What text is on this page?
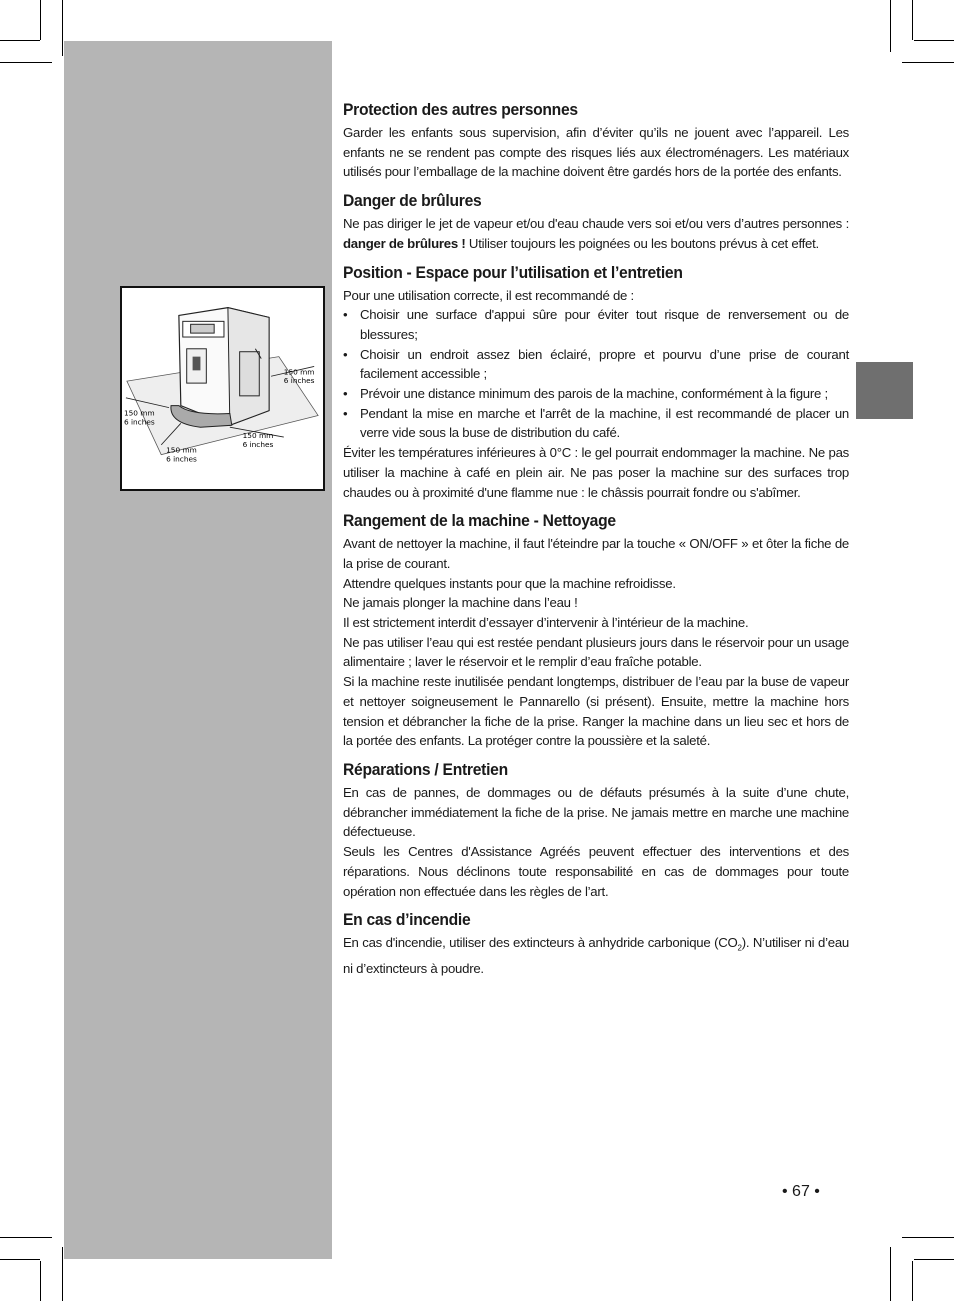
150 mm
6 inches
150 mm
6 inches
150 mm
6 inches
150 mm
6 inches
Protection des autres personnes

Garder les enfants sous supervision, afin d’éviter qu’ils ne jouent avec l’appareil. Les enfants ne se rendent pas compte des risques liés aux électroménagers. Les matériaux utilisés pour l’emballage de la machine doivent être gardés hors de la portée des enfants.

Danger de brûlures

Ne pas diriger le jet de vapeur et/ou d'eau chaude vers soi et/ou vers d’autres personnes : danger de brûlures ! Utiliser toujours les poignées ou les boutons prévus à cet effet.

Position - Espace pour l’utilisation et l’entretien

Pour une utilisation correcte, il est recommandé de :

• Choisir une surface d'appui sûre pour éviter tout risque de renversement ou de blessures;
• Choisir un endroit assez bien éclairé, propre et pourvu d’une prise de courant facilement accessible ;
• Prévoir une distance minimum des parois de la machine, conformément à la figure ;
• Pendant la mise en marche et l'arrêt de la machine, il est recommandé de placer un verre vide sous la buse de distribution du café.

Éviter les températures inférieures à 0°C : le gel pourrait endommager la machine. Ne pas utiliser la machine à café en plein air. Ne pas poser la machine sur des surfaces trop chaudes ou à proximité d'une flamme nue : le châssis pourrait fondre ou s'abîmer.

Rangement de la machine - Nettoyage

Avant de nettoyer la machine, il faut l'éteindre par la touche « ON/OFF » et ôter la fiche de la prise de courant.

Attendre quelques instants pour que la machine refroidisse.

Ne jamais plonger la machine dans l’eau !

Il est strictement interdit d’essayer d’intervenir à l’intérieur de la machine.

Ne pas utiliser l’eau qui est restée pendant plusieurs jours dans le réservoir pour un usage alimentaire ; laver le réservoir et le remplir d’eau fraîche potable.

Si la machine reste inutilisée pendant longtemps, distribuer de l’eau par la buse de vapeur et nettoyer soigneusement le Pannarello (si présent). Ensuite, mettre la machine hors tension et débrancher la fiche de la prise. Ranger la machine dans un lieu sec et hors de la portée des enfants. La protéger contre la poussière et la saleté.

Réparations / Entretien

En cas de pannes, de dommages ou de défauts présumés à la suite d’une chute, débrancher immédiatement la fiche de la prise. Ne jamais mettre en marche une machine défectueuse.

Seuls les Centres d'Assistance Agréés peuvent effectuer des interventions et des réparations. Nous déclinons toute responsabilité en cas de dommages pour toute opération non effectuée dans les règles de l’art.

En cas d’incendie

En cas d'incendie, utiliser des extincteurs à anhydride carbonique $(CO_2)$. N’utiliser ni d’eau ni d’extincteurs à poudre.

• 67 •
